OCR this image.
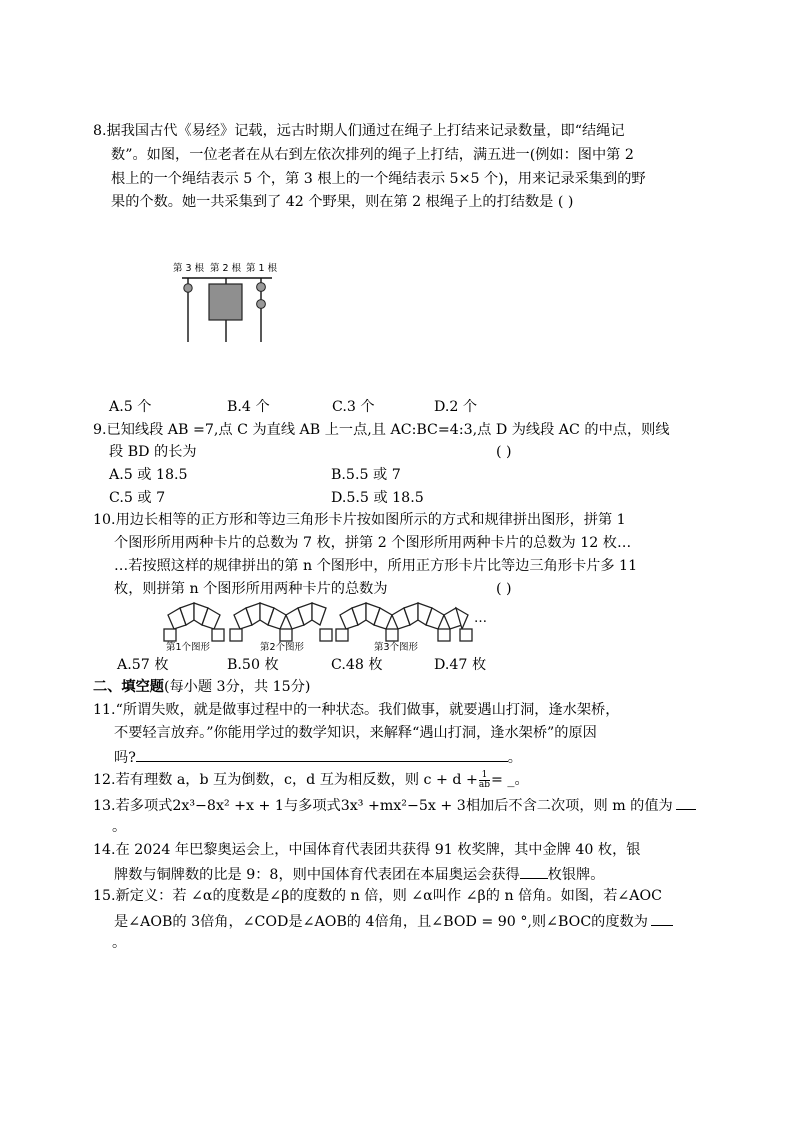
8.据我国古代《易经》记载，远古时期人们通过在绳子上打结来记录数量，即“结绳记
数”。如图，一位老者在从右到左依次排列的绳子上打结，满五进一(例如：图中第 2
根上的一个绳结表示 5 个，第 3 根上的一个绳结表示 5×5 个)，用来记录采集到的野
果的个数。她一共采集到了 42 个野果，则在第 2 根绳子上的打结数是 ( )
第 3 根 第 2 根 第 1 根
A.5 个	B.4 个	C.3 个	D.2 个
9.已知线段 AB =7,点 C 为直线 AB 上一点,且 AC:BC=4:3,点 D 为线段 AC 的中点，则线
段 BD 的长为	( )
A.5 或 18.5	B.5.5 或 7
C.5 或 7	D.5.5 或 18.5
10.用边长相等的正方形和等边三角形卡片按如图所示的方式和规律拼出图形，拼第 1
个图形所用两种卡片的总数为 7 枚，拼第 2 个图形所用两种卡片的总数为 12 枚…
…若按照这样的规律拼出的第 n 个图形中，所用正方形卡片比等边三角形卡片多 11
枚，则拼第 n 个图形所用两种卡片的总数为	( )
第1个图形	第2个图形	第3个图形
…
A.57 枚	B.50 枚	C.48 枚	D.47 枚
二、填空题(每小题 3分，共 15分)
11.“所谓失败，就是做事过程中的一种状态。我们做事，就要遇山打洞，逢水架桥，
不要轻言放弃。”你能用学过的数学知识，来解释“遇山打洞，逢水架桥”的原因
吗?	。
12.若有理数 a，b 互为倒数，c，d 互为相反数，则 $c + d + \frac{1}{ab}$ = _。
13.若多项式2x³−8x² +x + 1与多项式3x³ +mx²−5x + 3相加后不含二次项，则 m 的值为
。
14.在 2024 年巴黎奥运会上，中国体育代表团共获得 91 枚奖牌，其中金牌 40 枚，银
牌数与铜牌数的比是 9：8，则中国体育代表团在本届奥运会获得 枚银牌。
15.新定义：若 ∠α的度数是∠β的度数的 n 倍，则 ∠α叫作 ∠β的 n 倍角。如图，若∠AOC
是∠AOB的 3倍角，∠COD是∠AOB的 4倍角，且∠BOD = 90 °,则∠BOC的度数为
。
